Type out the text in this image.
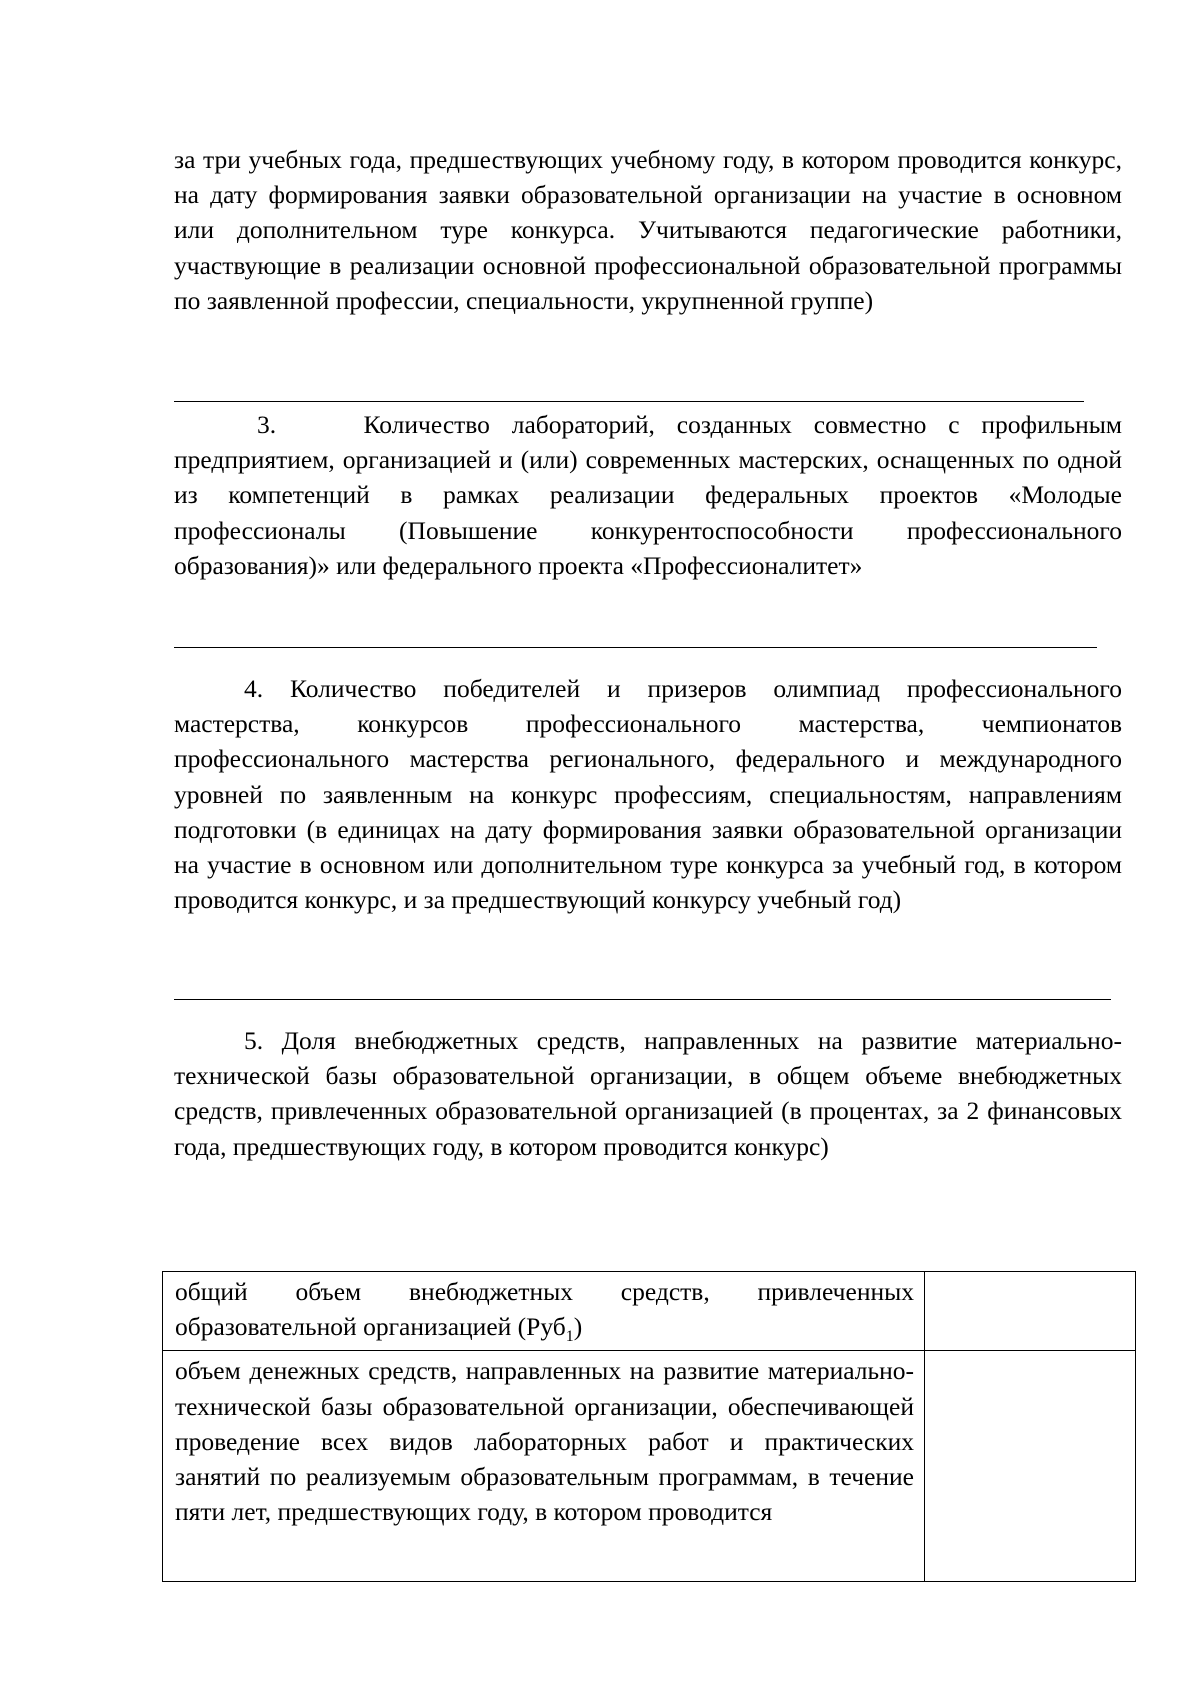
за три учебных года, предшествующих учебному году, в котором проводится конкурс, на дату формирования заявки образовательной организации на участие в основном или дополнительном туре конкурса. Учитываются педагогические работники, участвующие в реализации основной профессиональной образовательной программы по заявленной профессии, специальности, укрупненной группе)

3.	Количество лабораторий, созданных совместно с профильным предприятием, организацией и (или) современных мастерских, оснащенных по одной из компетенций в рамках реализации федеральных проектов «Молодые профессионалы (Повышение конкурентоспособности профессионального образования)» или федерального проекта «Профессионалитет»

4. Количество победителей и призеров олимпиад профессионального мастерства, конкурсов профессионального мастерства, чемпионатов профессионального мастерства регионального, федерального и международного уровней по заявленным на конкурс профессиям, специальностям, направлениям подготовки (в единицах на дату формирования заявки образовательной организации на участие в основном или дополнительном туре конкурса за учебный год, в котором проводится конкурс, и за предшествующий конкурсу учебный год)

5. Доля внебюджетных средств, направленных на развитие материально-технической базы образовательной организации, в общем объеме внебюджетных средств, привлеченных образовательной организацией (в процентах, за 2 финансовых года, предшествующих году, в котором проводится конкурс)

общий объем внебюджетных средств, привлеченных образовательной организацией (Руб$_1$)	

объем денежных средств, направленных на развитие материально-технической базы образовательной организации, обеспечивающей проведение всех видов лабораторных работ и практических занятий по реализуемым образовательным программам, в течение пяти лет, предшествующих году, в котором проводится	
